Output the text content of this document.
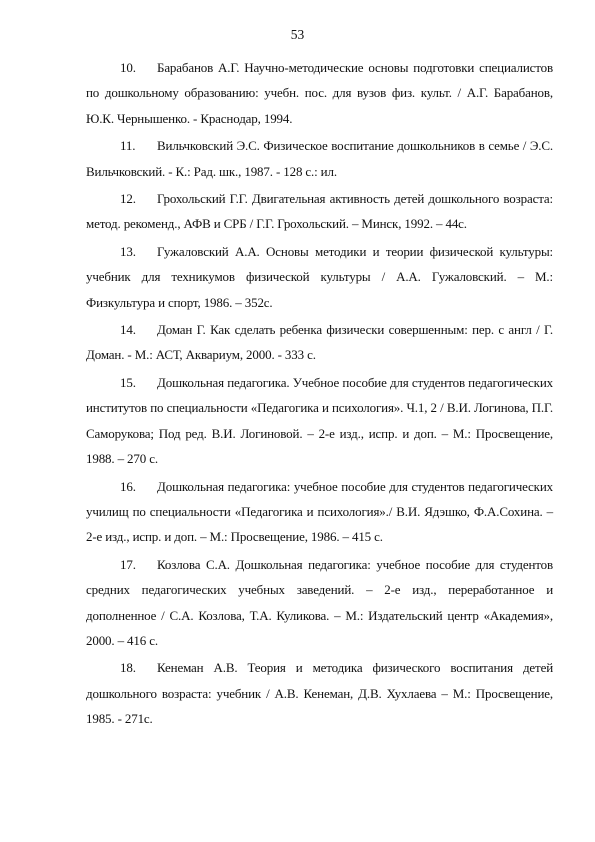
53

10. Барабанов А.Г. Научно-методические основы подготовки специалистов по дошкольному образованию: учебн. пос. для вузов физ. культ. / А.Г. Барабанов, Ю.К. Чернышенко. - Краснодар, 1994.

11. Вильчковский Э.С. Физическое воспитание дошкольников в семье / Э.С. Вильчковский. - К.: Рад. шк., 1987. - 128 с.: ил.

12. Грохольский Г.Г. Двигательная активность детей дошкольного возраста: метод. рекоменд., АФВ и СРБ / Г.Г. Грохольский. – Минск, 1992. – 44с.

13. Гужаловский А.А. Основы методики и теории физической культуры: учебник для техникумов физической культуры / А.А. Гужаловский. – М.: Физкультура и спорт, 1986. – 352с.

14. Доман Г. Как сделать ребенка физически совершенным: пер. с англ / Г. Доман. - М.: АСТ, Аквариум, 2000. - 333 с.

15. Дошкольная педагогика. Учебное пособие для студентов педагогических институтов по специальности «Педагогика и психология». Ч.1, 2 / В.И. Логинова, П.Г. Саморукова; Под ред. В.И. Логиновой. – 2-е изд., испр. и доп. – М.: Просвещение, 1988. – 270 с.

16. Дошкольная педагогика: учебное пособие для студентов педагогических училищ по специальности «Педагогика и психология»./ В.И. Ядэшко, Ф.А.Сохина. – 2-е изд., испр. и доп. – М.: Просвещение, 1986. – 415 с.

17. Козлова С.А. Дошкольная педагогика: учебное пособие для студентов средних педагогических учебных заведений. – 2-е изд., переработанное и дополненное / С.А. Козлова, Т.А. Куликова. – М.: Издательский центр «Академия», 2000. – 416 с.

18. Кенеман А.В. Теория и методика физического воспитания детей дошкольного возраста: учебник / А.В. Кенеман, Д.В. Хухлаева – М.: Просвещение, 1985. - 271с.
